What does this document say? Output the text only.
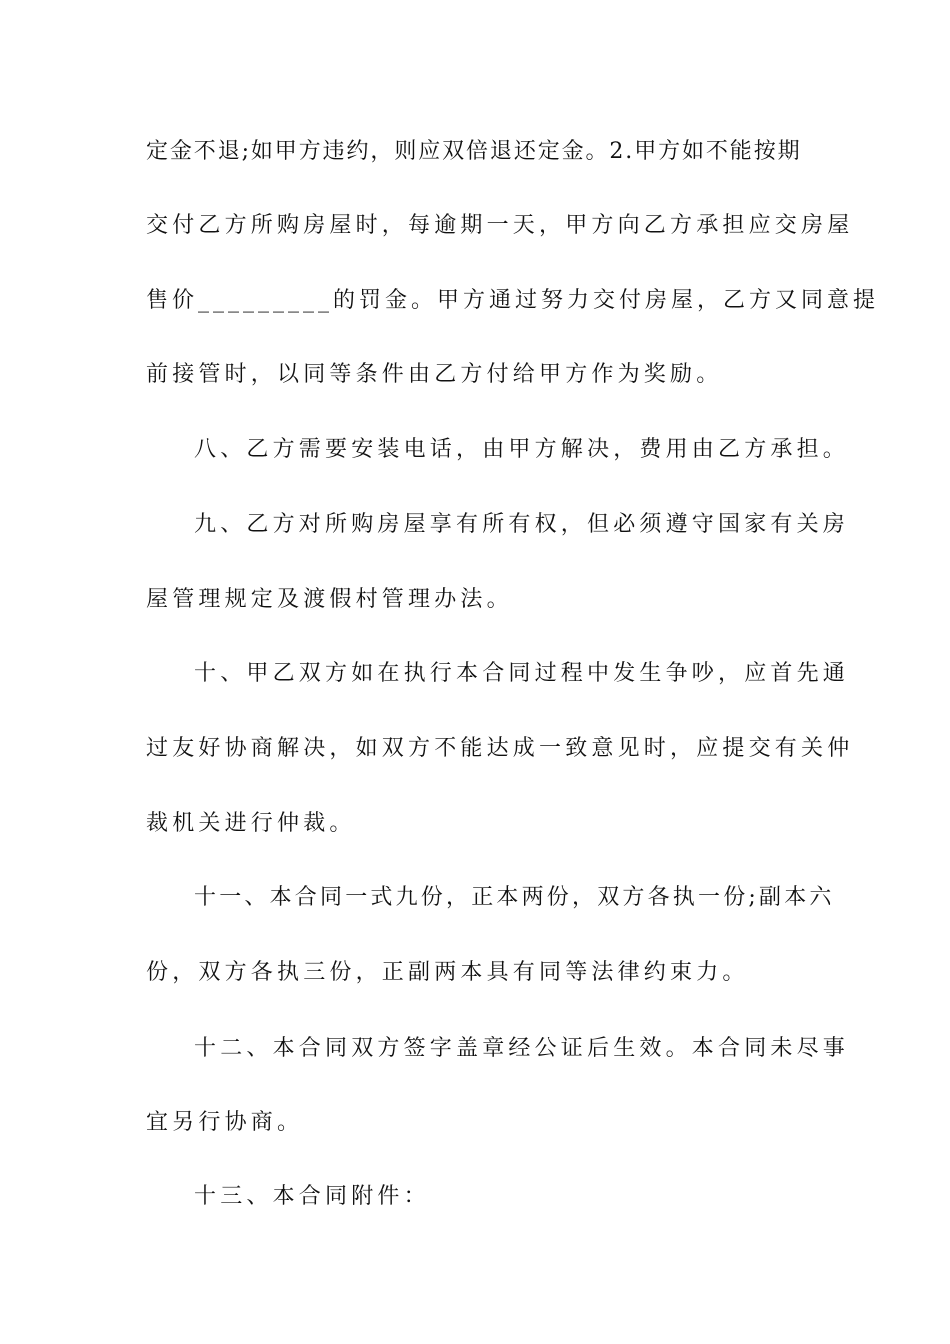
定金不退;如甲方违约，则应双倍退还定金。2.甲方如不能按期
交付乙方所购房屋时，每逾期一天，甲方向乙方承担应交房屋
售价_________的罚金。甲方通过努力交付房屋，乙方又同意提
前接管时，以同等条件由乙方付给甲方作为奖励。
八、乙方需要安装电话，由甲方解决，费用由乙方承担。
九、乙方对所购房屋享有所有权，但必须遵守国家有关房
屋管理规定及渡假村管理办法。
十、甲乙双方如在执行本合同过程中发生争吵，应首先通
过友好协商解决，如双方不能达成一致意见时，应提交有关仲
裁机关进行仲裁。
十一、本合同一式九份，正本两份，双方各执一份;副本六
份，双方各执三份，正副两本具有同等法律约束力。
十二、本合同双方签字盖章经公证后生效。本合同未尽事
宜另行协商。
十三、本合同附件：
